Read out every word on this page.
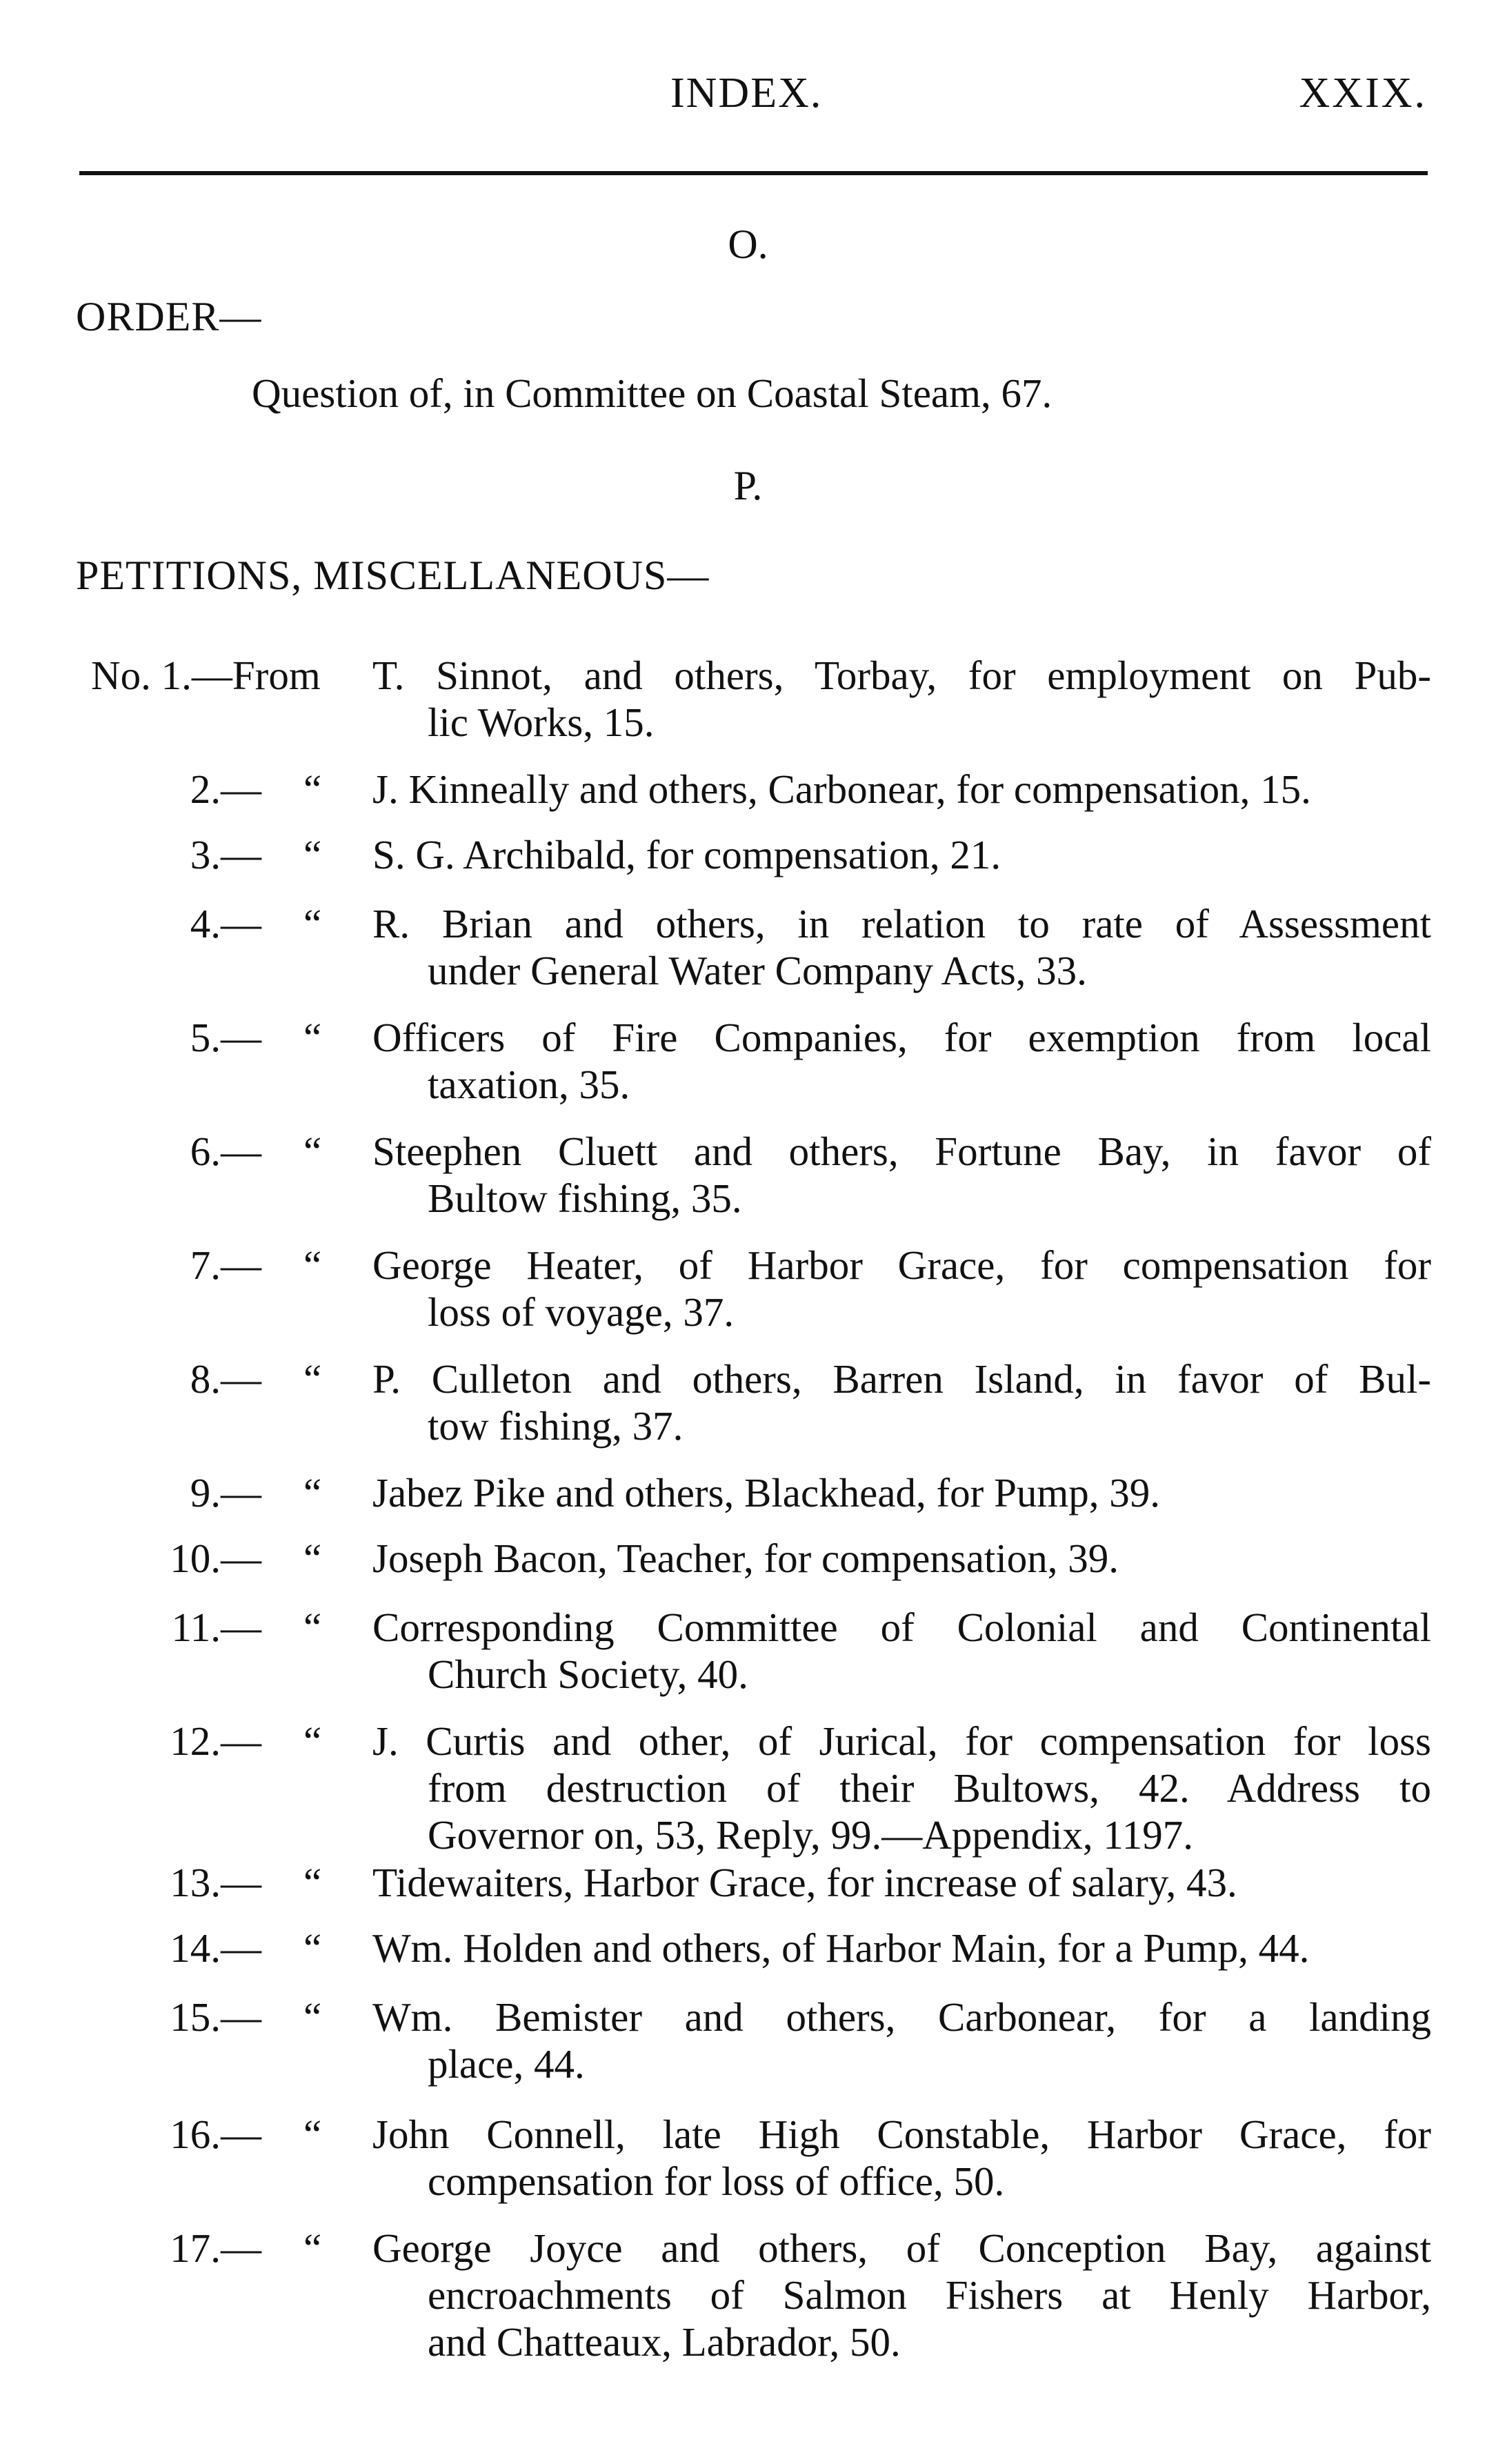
INDEX.	XXIX.
O.
ORDER—
Question of, in Committee on Coastal Steam, 67.
P.
PETITIONS, MISCELLANEOUS—
No. 1.—From T. Sinnot, and others, Torbay, for employment on Pub-
lic Works, 15.
2.— “ J. Kinneally and others, Carbonear, for compensation, 15.
3.— “ S. G. Archibald, for compensation, 21.
4.— “ R. Brian and others, in relation to rate of Assessment
under General Water Company Acts, 33.
5.— “ Officers of Fire Companies, for exemption from local
taxation, 35.
6.— “ Steephen Cluett and others, Fortune Bay, in favor of
Bultow fishing, 35.
7.— “ George Heater, of Harbor Grace, for compensation for
loss of voyage, 37.
8.— “ P. Culleton and others, Barren Island, in favor of Bul-
tow fishing, 37.
9.— “ Jabez Pike and others, Blackhead, for Pump, 39.
10.— “ Joseph Bacon, Teacher, for compensation, 39.
11.— “ Corresponding Committee of Colonial and Continental
Church Society, 40.
12.— “ J. Curtis and other, of Jurical, for compensation for loss
from destruction of their Bultows, 42. Address to
Governor on, 53, Reply, 99.—Appendix, 1197.
13.— “ Tidewaiters, Harbor Grace, for increase of salary, 43.
14.— “ Wm. Holden and others, of Harbor Main, for a Pump, 44.
15.— “ Wm. Bemister and others, Carbonear, for a landing
place, 44.
16.— “ John Connell, late High Constable, Harbor Grace, for
compensation for loss of office, 50.
17.— “ George Joyce and others, of Conception Bay, against
encroachments of Salmon Fishers at Henly Harbor,
and Chatteaux, Labrador, 50.
